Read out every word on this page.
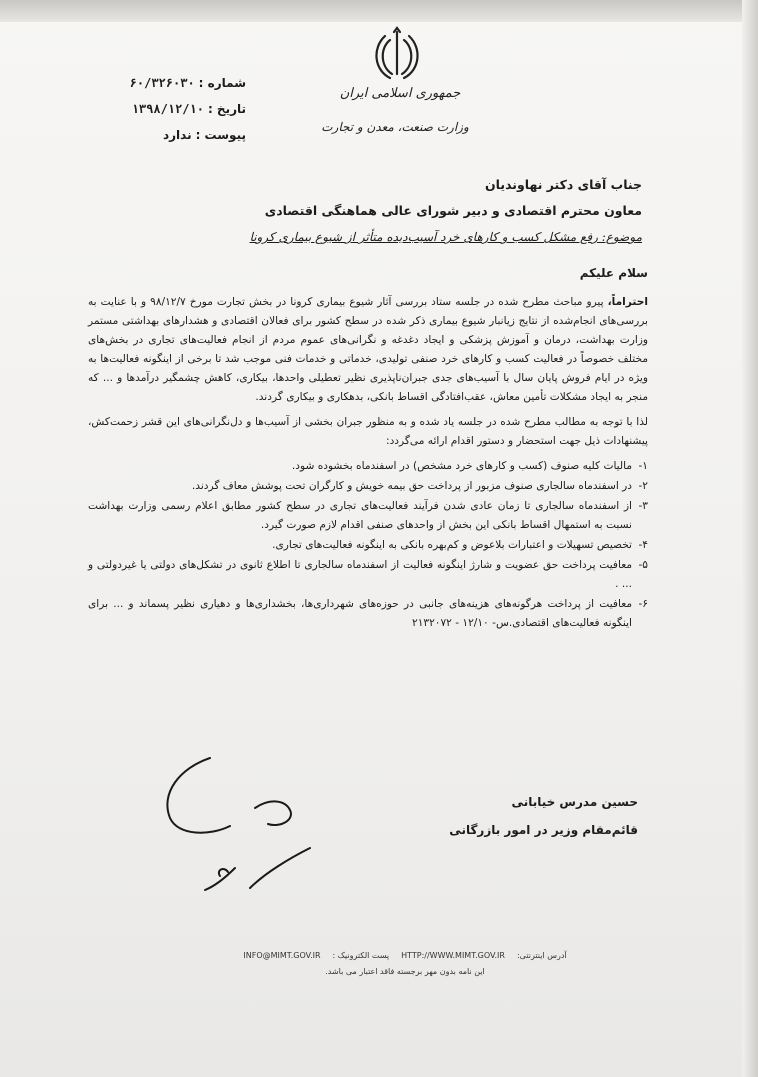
جمهوری اسلامی ایران
وزارت صنعت، معدن و تجارت
شماره :
۶۰/۳۲۶۰۳۰
تاریخ :
۱۳۹۸/۱۲/۱۰
پیوست :
ندارد
جناب آقای دکتر نهاوندیان
معاون محترم اقتصادی و دبیر شورای عالی هماهنگی اقتصادی
موضوع: رفع مشکل کسب و کارهای خرد آسیب‌دیده متأثر از شیوع بیماری کرونا
سلام علیکم

احتراماً، پیرو مباحث مطرح شده در جلسه ستاد بررسی آثار شیوع بیماری کرونا در بخش تجارت مورخ ۹۸/۱۲/۷ و با عنایت به بررسی‌های انجام‌شده از نتایج زیانبار شیوع بیماری ذکر شده در سطح کشور برای فعالان اقتصادی و هشدارهای بهداشتی مستمر وزارت بهداشت، درمان و آموزش پزشکی و ایجاد دغدغه و نگرانی‌های عموم مردم از انجام فعالیت‌های تجاری در بخش‌های مختلف خصوصاً در فعالیت کسب و کارهای خرد صنفی تولیدی، خدماتی و خدمات فنی موجب شد تا برخی از اینگونه فعالیت‌ها به ویژه در ایام فروش پایان سال با آسیب‌های جدی جبران‌ناپذیری نظیر تعطیلی واحدها، بیکاری، کاهش چشمگیر درآمدها و ... که منجر به ایجاد مشکلات تأمین معاش، عقب‌افتادگی اقساط بانکی، بدهکاری و بیکاری گردند.

لذا با توجه به مطالب مطرح شده در جلسه یاد شده و به منظور جبران بخشی از آسیب‌ها و دل‌نگرانی‌های این قشر زحمت‌کش، پیشنهادات ذیل جهت استحضار و دستور اقدام ارائه می‌گردد:

۱-
مالیات کلیه صنوف (کسب و کارهای خرد مشخص) در اسفندماه بخشوده شود.
۲-
در اسفندماه سالجاری صنوف مزبور از پرداخت حق بیمه خویش و کارگران تحت پوشش معاف گردند.
۳-
از اسفندماه سالجاری تا زمان عادی شدن فرآیند فعالیت‌های تجاری در سطح کشور مطابق اعلام رسمی وزارت بهداشت نسبت به استمهال اقساط بانکی این بخش از واحدهای صنفی اقدام لازم صورت گیرد.
۴-
تخصیص تسهیلات و اعتبارات بلاعوض و کم‌بهره بانکی به اینگونه فعالیت‌های تجاری.
۵-
معافیت پرداخت حق عضویت و شارژ اینگونه فعالیت از اسفندماه سالجاری تا اطلاع ثانوی در تشکل‌های دولتی یا غیردولتی و ... .
۶-
معافیت از پرداخت هرگونه‌های هزینه‌های جانبی در حوزه‌های شهرداری‌ها، بخشداری‌ها و دهیاری نظیر پسماند و ... برای اینگونه فعالیت‌های اقتصادی.س- ۱۲/۱۰ - ۲۱۳۲۰۷۲
حسین مدرس خیابانی
قائم‌مقام وزیر در امور بازرگانی
آدرس اینترنتی:
HTTP://WWW.MIMT.GOV.IR
پست الکترونیک :
INFO@MIMT.GOV.IR
این نامه بدون مهر برجسته فاقد اعتبار می باشد.
